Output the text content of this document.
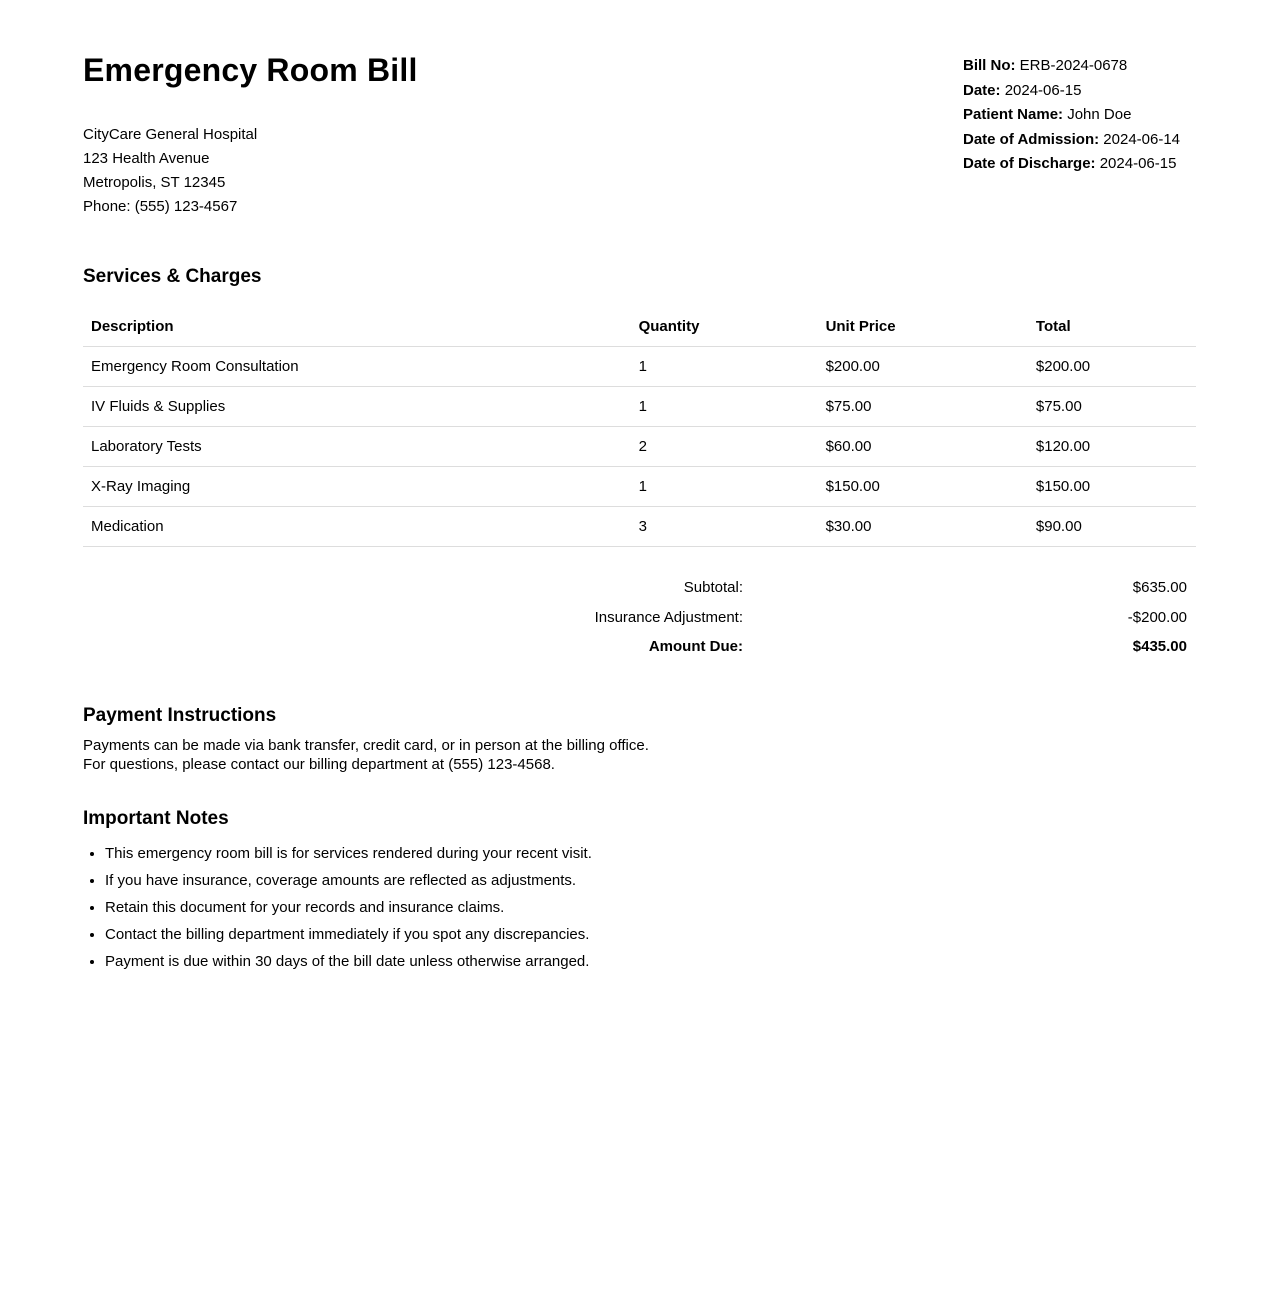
Emergency Room Bill

CityCare General Hospital

123 Health Avenue

Metropolis, ST 12345

Phone: (555) 123-4567

Bill No: ERB-2024-0678
Date: 2024-06-15
Patient Name: John Doe
Date of Admission: 2024-06-14
Date of Discharge: 2024-06-15
Services & Charges
Description	Quantity	Unit Price	Total
Emergency Room Consultation	1	$200.00	$200.00
IV Fluids & Supplies	1	$75.00	$75.00
Laboratory Tests	2	$60.00	$120.00
X-Ray Imaging	1	$150.00	$150.00
Medication	3	$30.00	$90.00
Subtotal:	$635.00
Insurance Adjustment:	-$200.00
Amount Due:	$435.00
Payment Instructions

Payments can be made via bank transfer, credit card, or in person at the billing office.

For questions, please contact our billing department at (555) 123-4568.

Important Notes
• This emergency room bill is for services rendered during your recent visit.
• If you have insurance, coverage amounts are reflected as adjustments.
• Retain this document for your records and insurance claims.
• Contact the billing department immediately if you spot any discrepancies.
• Payment is due within 30 days of the bill date unless otherwise arranged.
